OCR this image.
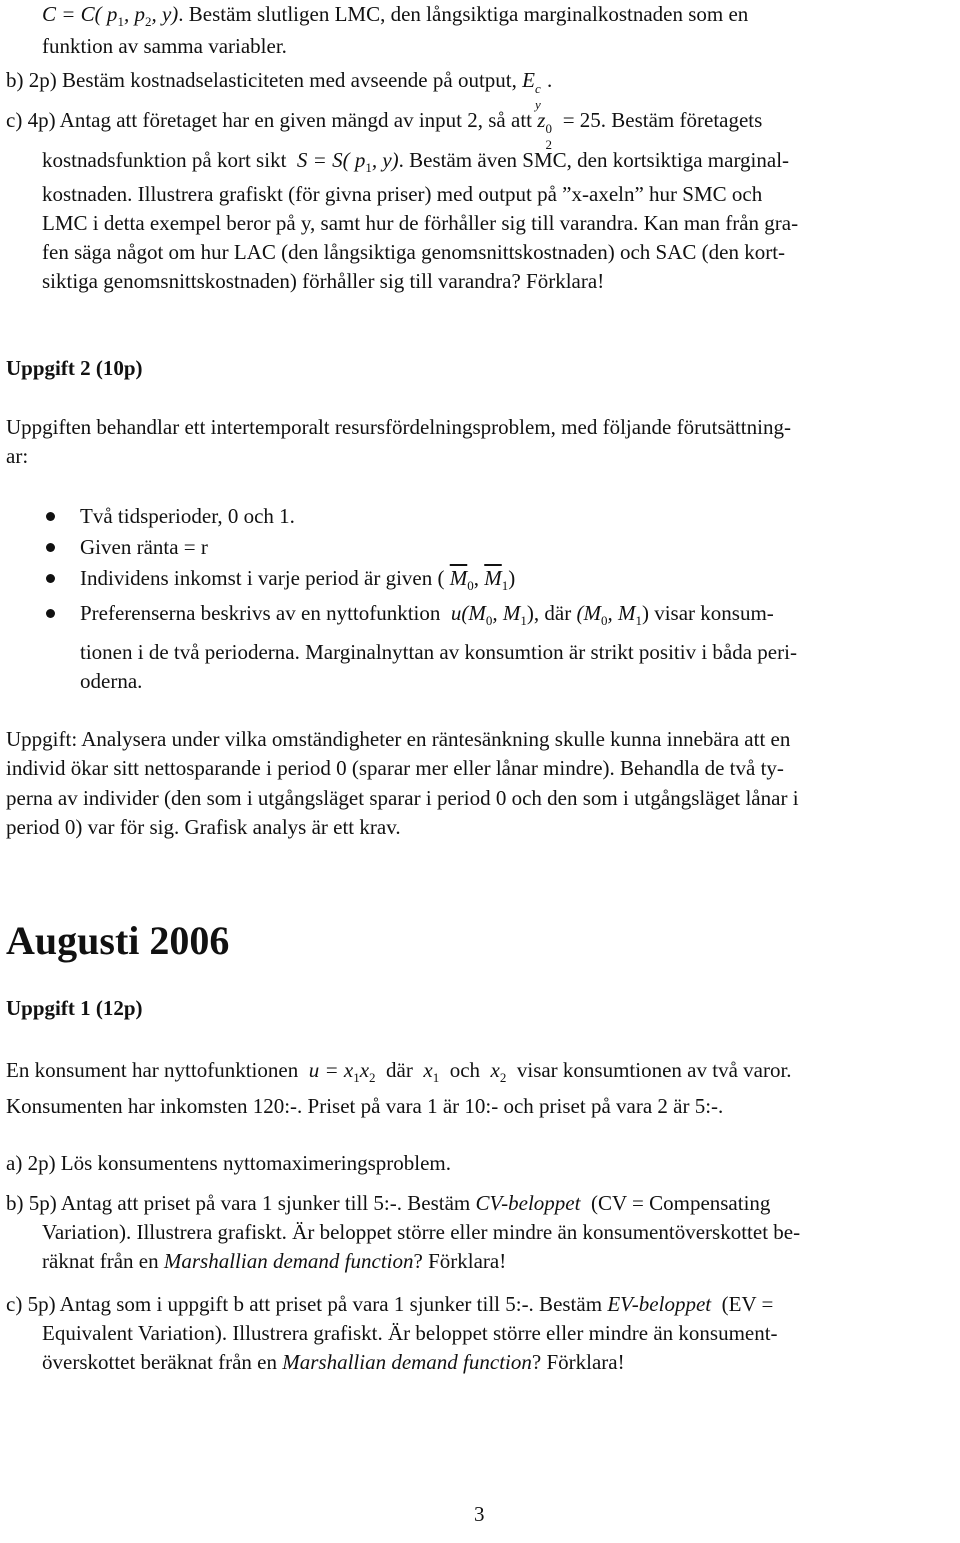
C = C( $p_1$, $p_2$, y). Bestäm slutligen LMC, den långsiktiga marginalkostnaden som en
funktion av samma variabler.
b) 2p) Bestäm kostnadselasticiteten med avseende på output, E c
y
.
c) 4p) Antag att företaget har en given mängd av input 2, så att z 0
2
= 25. Bestäm företagets
kostnadsfunktion på kort sikt S = S( $p_1$, y). Bestäm även SMC, den kortsiktiga marginal-
kostnaden. Illustrera grafiskt (för givna priser) med output på ”x-axeln” hur SMC och
LMC i detta exempel beror på y, samt hur de förhåller sig till varandra. Kan man från gra-
fen säga något om hur LAC (den långsiktiga genomsnittskostnaden) och SAC (den kort-
siktiga genomsnittskostnaden) förhåller sig till varandra? Förklara!
Uppgift 2 (10p)
Uppgiften behandlar ett intertemporalt resursfördelningsproblem, med följande förutsättning-
ar:
Två tidsperioder, 0 och 1.
Given ränta = r
Individens inkomst i varje period är given ( $\overline{M}_0$, $\overline{M}_1$)
Preferenserna beskrivs av en nyttofunktion $u(M_0$, $M_1$), där ($M_0$, $M_1$) visar konsum-
tionen i de två perioderna. Marginalnyttan av konsumtion är strikt positiv i båda peri-
oderna.
Uppgift: Analysera under vilka omständigheter en räntesänkning skulle kunna innebära att en
individ ökar sitt nettosparande i period 0 (sparar mer eller lånar mindre). Behandla de två ty-
perna av individer (den som i utgångsläget sparar i period 0 och den som i utgångsläget lånar i
period 0) var för sig. Grafisk analys är ett krav.
Augusti 2006
Uppgift 1 (12p)
En konsument har nyttofunktionen $u = x_1x_2$ där $x_1$ och $x_2$ visar konsumtionen av två varor.
Konsumenten har inkomsten 120:-. Priset på vara 1 är 10:- och priset på vara 2 är 5:-.
a) 2p) Lös konsumentens nyttomaximeringsproblem.
b) 5p) Antag att priset på vara 1 sjunker till 5:-. Bestäm CV-beloppet (CV = Compensating
Variation). Illustrera grafiskt. Är beloppet större eller mindre än konsumentöverskottet be-
räknat från en Marshallian demand function? Förklara!
c) 5p) Antag som i uppgift b att priset på vara 1 sjunker till 5:-. Bestäm EV-beloppet (EV =
Equivalent Variation). Illustrera grafiskt. Är beloppet större eller mindre än konsument-
överskottet beräknat från en Marshallian demand function? Förklara!
3
